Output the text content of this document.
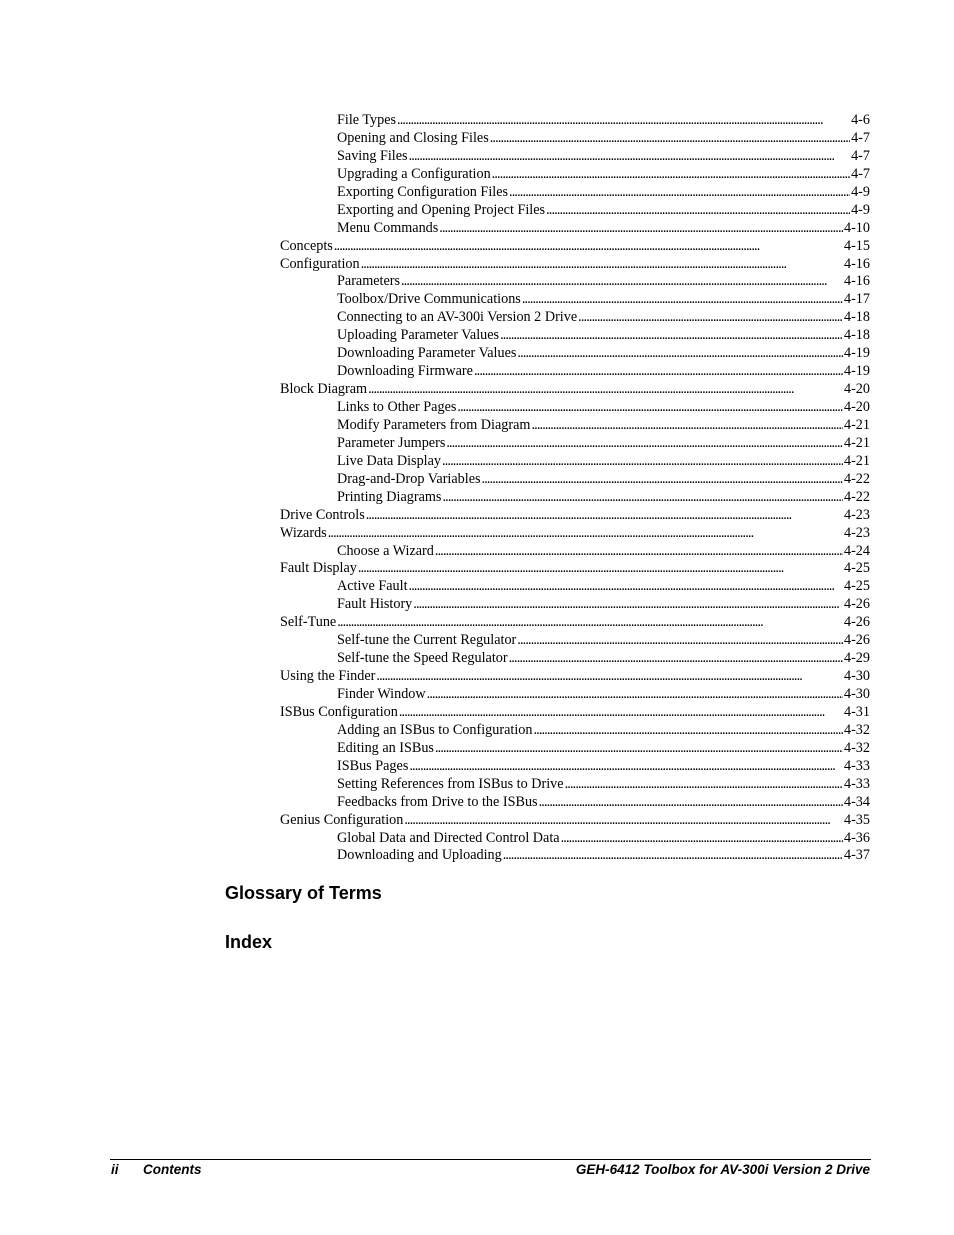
File Types . . .	4-6
Opening and Closing Files . . .	4-7
Saving Files . . .	4-7
Upgrading a Configuration . . .	4-7
Exporting Configuration Files . . .	4-9
Exporting and Opening Project Files . . .	4-9
Menu Commands . . .	4-10
Concepts . . .	4-15
Configuration . . .	4-16
Parameters . . .	4-16
Toolbox/Drive Communications . . .	4-17
Connecting to an AV-300i Version 2 Drive . . .	4-18
Uploading Parameter Values . . .	4-18
Downloading Parameter Values . . .	4-19
Downloading Firmware . . .	4-19
Block Diagram . . .	4-20
Links to Other Pages . . .	4-20
Modify Parameters from Diagram . . .	4-21
Parameter Jumpers . . .	4-21
Live Data Display . . .	4-21
Drag-and-Drop Variables . . .	4-22
Printing Diagrams . . .	4-22
Drive Controls . . .	4-23
Wizards . . .	4-23
Choose a Wizard . . .	4-24
Fault Display . . .	4-25
Active Fault . . .	4-25
Fault History . . .	4-26
Self-Tune . . .	4-26
Self-tune the Current Regulator . . .	4-26
Self-tune the Speed Regulator . . .	4-29
Using the Finder . . .	4-30
Finder Window . . .	4-30
ISBus Configuration . . .	4-31
Adding an ISBus to Configuration . . .	4-32
Editing an ISBus . . .	4-32
ISBus Pages . . .	4-33
Setting References from ISBus to Drive . . .	4-33
Feedbacks from Drive to the ISBus . . .	4-34
Genius Configuration . . .	4-35
Global Data and Directed Control Data . . .	4-36
Downloading and Uploading . . .	4-37
Glossary of Terms
Index
ii Contents	GEH-6412 Toolbox for AV-300i Version 2 Drive
